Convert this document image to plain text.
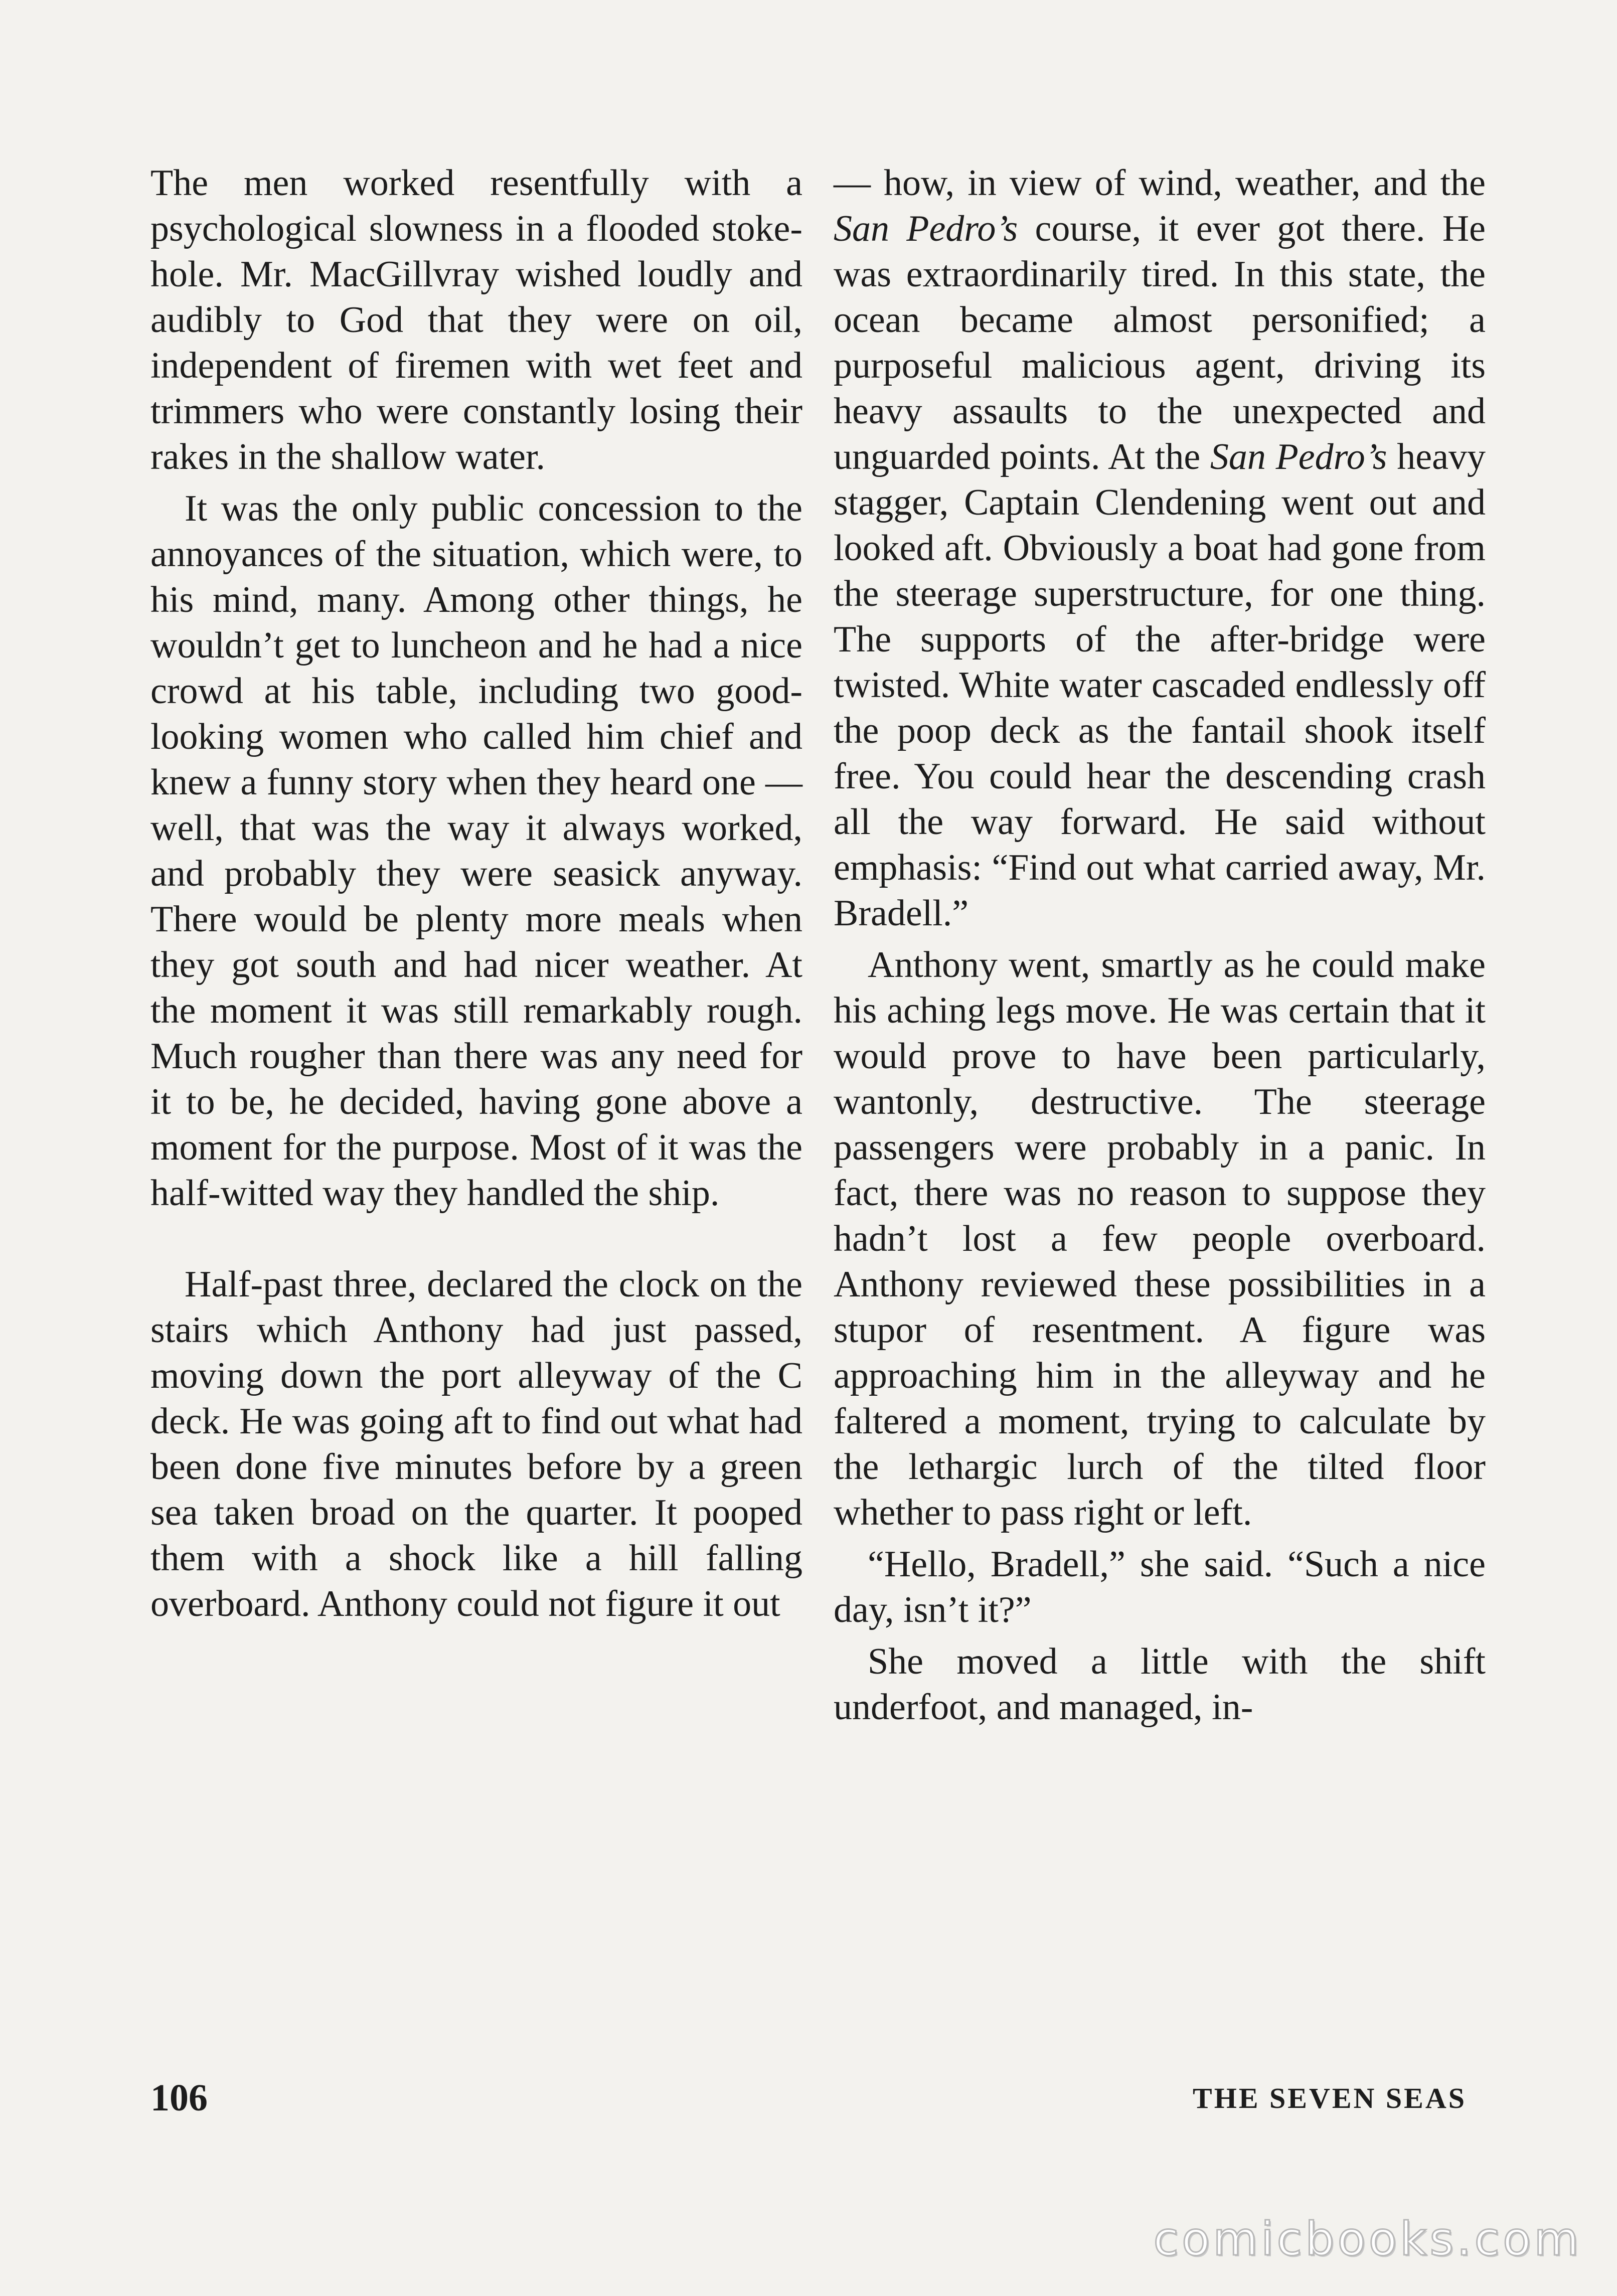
The men worked resentfully with a psychological slowness in a flooded stoke-hole. Mr. MacGillvray wished loudly and audibly to God that they were on oil, independent of firemen with wet feet and trimmers who were constantly losing their rakes in the shallow water.

It was the only public concession to the annoyances of the situation, which were, to his mind, many. Among other things, he wouldn’t get to luncheon and he had a nice crowd at his table, including two good-looking women who called him chief and knew a funny story when they heard one — well, that was the way it always worked, and probably they were seasick anyway. There would be plenty more meals when they got south and had nicer weather. At the moment it was still remarkably rough. Much rougher than there was any need for it to be, he decided, having gone above a moment for the purpose. Most of it was the half-witted way they handled the ship.

Half-past three, declared the clock on the stairs which Anthony had just passed, moving down the port alleyway of the C deck. He was going aft to find out what had been done five minutes before by a green sea taken broad on the quarter. It pooped them with a shock like a hill falling overboard. Anthony could not figure it out

— how, in view of wind, weather, and the San Pedro’s course, it ever got there. He was extraordinarily tired. In this state, the ocean became almost personified; a purposeful malicious agent, driving its heavy assaults to the unexpected and unguarded points. At the San Pedro’s heavy stagger, Captain Clendening went out and looked aft. Obviously a boat had gone from the steerage superstructure, for one thing. The supports of the after-bridge were twisted. White water cascaded endlessly off the poop deck as the fantail shook itself free. You could hear the descending crash all the way forward. He said without emphasis: “Find out what carried away, Mr. Bradell.”

Anthony went, smartly as he could make his aching legs move. He was certain that it would prove to have been particularly, wantonly, destructive. The steerage passengers were probably in a panic. In fact, there was no reason to suppose they hadn’t lost a few people overboard. Anthony reviewed these possibilities in a stupor of resentment. A figure was approaching him in the alleyway and he faltered a moment, trying to calculate by the lethargic lurch of the tilted floor whether to pass right or left.

“Hello, Bradell,” she said. “Such a nice day, isn’t it?”

She moved a little with the shift underfoot, and managed, in-

106	THE SEVEN SEAS
comicbooks.com
